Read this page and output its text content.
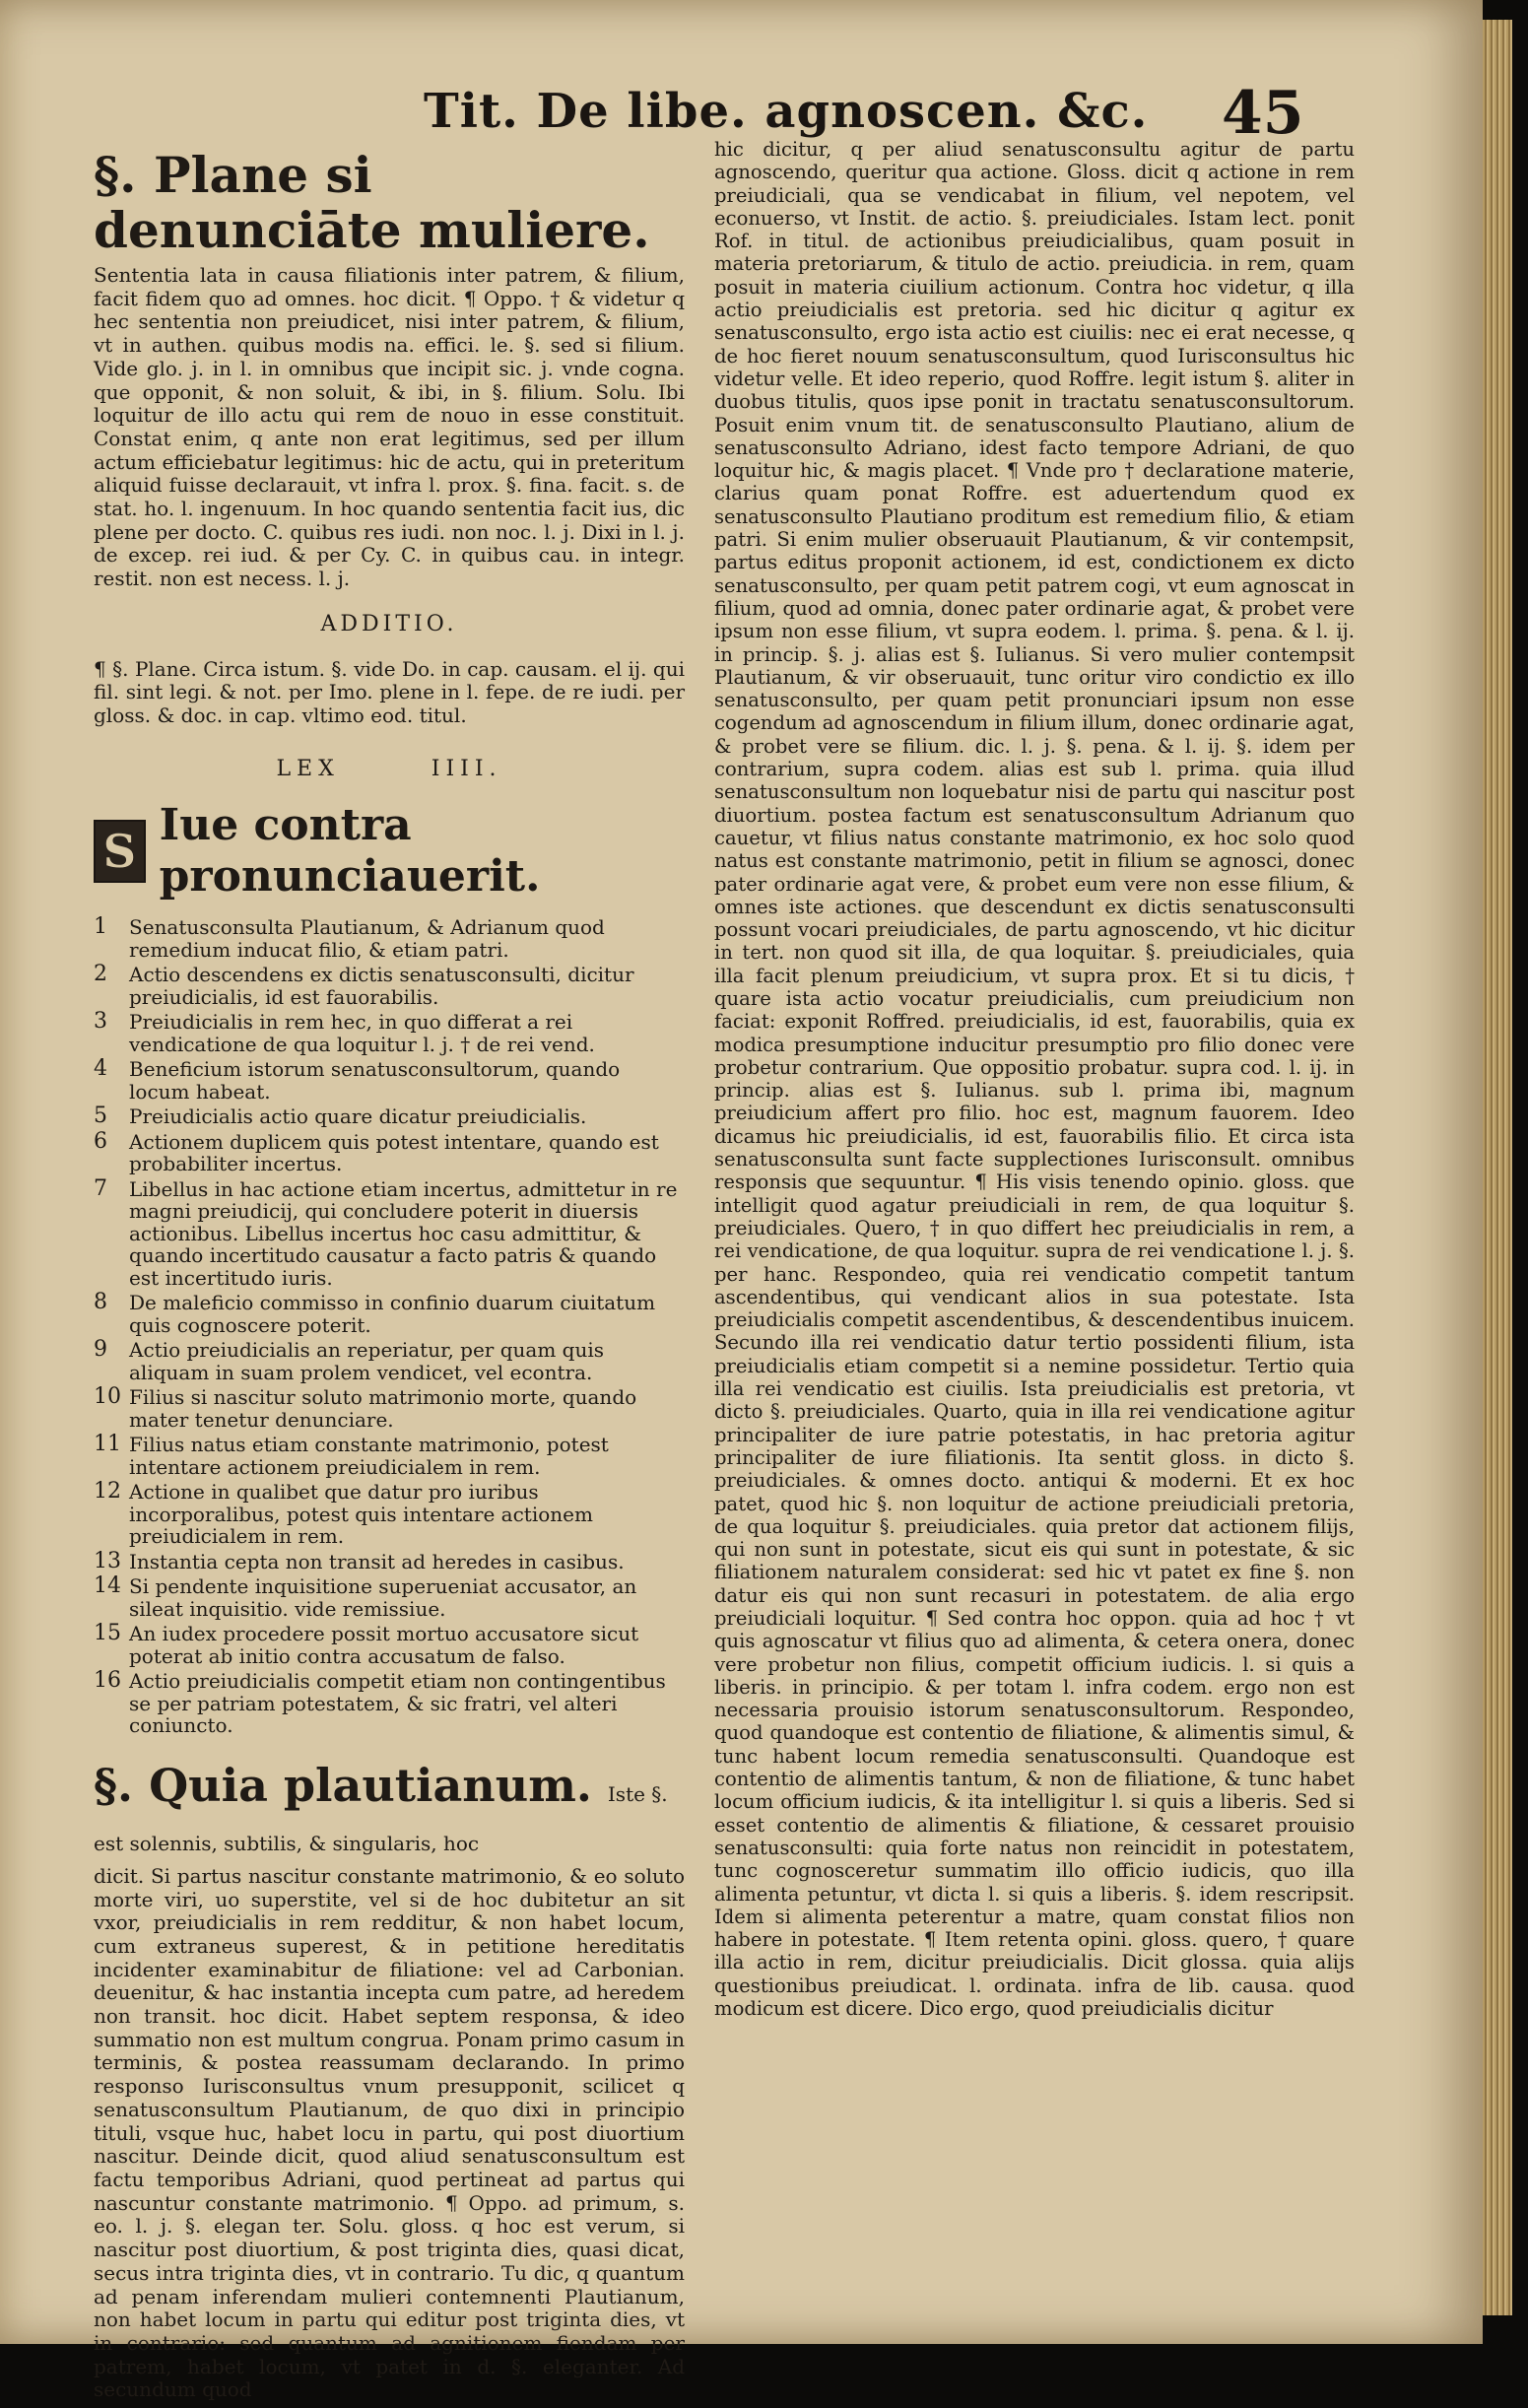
Tit. De libe. agnoscen. &c. 45
§. Plane si denunciāte muliere.

Sententia lata in causa filiationis inter patrem, & filium, facit fidem quo ad omnes. hoc dicit. ¶ Oppo. † & videtur q hec sententia non preiudicet, nisi inter patrem, & filium, vt in authen. quibus modis na. effici. le. §. sed si filium. Vide glo. j. in l. in omnibus que incipit sic. j. vnde cogna. que opponit, & non soluit, & ibi, in §. filium. Solu. Ibi loquitur de illo actu qui rem de nouo in esse constituit. Constat enim, q ante non erat legitimus, sed per illum actum efficiebatur legitimus: hic de actu, qui in preteritum aliquid fuisse declarauit, vt infra l. prox. §. fina. facit. s. de stat. ho. l. ingenuum. In hoc quando sententia facit ius, dic plene per docto. C. quibus res iudi. non noc. l. j. Dixi in l. j. de excep. rei iud. & per Cy. C. in quibus cau. in integr. restit. non est necess. l. j.

ADDITIO.

¶ §. Plane. Circa istum. §. vide Do. in cap. causam. el ij. qui fil. sint legi. & not. per Imo. plene in l. fepe. de re iudi. per gloss. & doc. in cap. vltimo eod. titul.

LEX	IIII.
S Iue contra pronunciauerit.
1 Senatusconsulta Plautianum, & Adrianum quod remedium inducat filio, & etiam patri.
2 Actio descendens ex dictis senatusconsulti, dicitur preiudicialis, id est fauorabilis.
3 Preiudicialis in rem hec, in quo differat a rei vendicatione de qua loquitur l. j. † de rei vend.
4 Beneficium istorum senatusconsultorum, quando locum habeat.
5 Preiudicialis actio quare dicatur preiudicialis.
6 Actionem duplicem quis potest intentare, quando est probabiliter incertus.
7 Libellus in hac actione etiam incertus, admittetur in re magni preiudicij, qui concludere poterit in diuersis actionibus. Libellus incertus hoc casu admittitur, & quando incertitudo causatur a facto patris & quando est incertitudo iuris.
8 De maleficio commisso in confinio duarum ciuitatum quis cognoscere poterit.
9 Actio preiudicialis an reperiatur, per quam quis aliquam in suam prolem vendicet, vel econtra.
10 Filius si nascitur soluto matrimonio morte, quando mater tenetur denunciare.
11 Filius natus etiam constante matrimonio, potest intentare actionem preiudicialem in rem.
12 Actione in qualibet que datur pro iuribus incorporalibus, potest quis intentare actionem preiudicialem in rem.
13 Instantia cepta non transit ad heredes in casibus.
14 Si pendente inquisitione superueniat accusator, an sileat inquisitio. vide remissiue.
15 An iudex procedere possit mortuo accusatore sicut poterat ab initio contra accusatum de falso.
16 Actio preiudicialis competit etiam non contingentibus se per patriam potestatem, & sic fratri, vel alteri coniuncto.
§. Quia plautianum. Iste §. est solennis, subtilis, & singularis, hoc

dicit. Si partus nascitur constante matrimonio, & eo soluto morte viri, uo superstite, vel si de hoc dubitetur an sit vxor, preiudicialis in rem redditur, & non habet locum, cum extraneus superest, & in petitione hereditatis incidenter examinabitur de filiatione: vel ad Carbonian. deuenitur, & hac instantia incepta cum patre, ad heredem non transit. hoc dicit. Habet septem responsa, & ideo summatio non est multum congrua. Ponam primo casum in terminis, & postea reassumam declarando. In primo responso Iurisconsultus vnum presupponit, scilicet q senatusconsultum Plautianum, de quo dixi in principio tituli, vsque huc, habet locu in partu, qui post diuortium nascitur. Deinde dicit, quod aliud senatusconsultum est factu temporibus Adriani, quod pertineat ad partus qui nascuntur constante matrimonio. ¶ Oppo. ad primum, s. eo. l. j. §. elegan ter. Solu. gloss. q hoc est verum, si nascitur post diuortium, & post triginta dies, quasi dicat, secus intra triginta dies, vt in contrario. Tu dic, q quantum ad penam inferendam mulieri contemnenti Plautianum, non habet locum in partu qui editur post triginta dies, vt in contrario: sed quantum ad agnitionem fiendam per patrem, habet locum, vt patet in d. §. eleganter. Ad secundum quod

hic dicitur, q per aliud senatusconsultu agitur de partu agnoscendo, queritur qua actione. Gloss. dicit q actione in rem preiudiciali, qua se vendicabat in filium, vel nepotem, vel econuerso, vt Instit. de actio. §. preiudiciales. Istam lect. ponit Rof. in titul. de actionibus preiudicialibus, quam posuit in materia pretoriarum, & titulo de actio. preiudicia. in rem, quam posuit in materia ciuilium actionum. Contra hoc videtur, q illa actio preiudicialis est pretoria. sed hic dicitur q agitur ex senatusconsulto, ergo ista actio est ciuilis: nec ei erat necesse, q de hoc fieret nouum senatusconsultum, quod Iurisconsultus hic videtur velle. Et ideo reperio, quod Roffre. legit istum §. aliter in duobus titulis, quos ipse ponit in tractatu senatusconsultorum. Posuit enim vnum tit. de senatusconsulto Plautiano, alium de senatusconsulto Adriano, idest facto tempore Adriani, de quo loquitur hic, & magis placet. ¶ Vnde pro † declaratione materie, clarius quam ponat Roffre. est aduertendum quod ex senatusconsulto Plautiano proditum est remedium filio, & etiam patri. Si enim mulier obseruauit Plautianum, & vir contempsit, partus editus proponit actionem, id est, condictionem ex dicto senatusconsulto, per quam petit patrem cogi, vt eum agnoscat in filium, quod ad omnia, donec pater ordinarie agat, & probet vere ipsum non esse filium, vt supra eodem. l. prima. §. pena. & l. ij. in princip. §. j. alias est §. Iulianus. Si vero mulier contempsit Plautianum, & vir obseruauit, tunc oritur viro condictio ex illo senatusconsulto, per quam petit pronunciari ipsum non esse cogendum ad agnoscendum in filium illum, donec ordinarie agat, & probet vere se filium. dic. l. j. §. pena. & l. ij. §. idem per contrarium, supra codem. alias est sub l. prima. quia illud senatusconsultum non loquebatur nisi de partu qui nascitur post diuortium. postea factum est senatusconsultum Adrianum quo cauetur, vt filius natus constante matrimonio, ex hoc solo quod natus est constante matrimonio, petit in filium se agnosci, donec pater ordinarie agat vere, & probet eum vere non esse filium, & omnes iste actiones. que descendunt ex dictis senatusconsulti possunt vocari preiudiciales, de partu agnoscendo, vt hic dicitur in tert. non quod sit illa, de qua loquitar. §. preiudiciales, quia illa facit plenum preiudicium, vt supra prox. Et si tu dicis, † quare ista actio vocatur preiudicialis, cum preiudicium non faciat: exponit Roffred. preiudicialis, id est, fauorabilis, quia ex modica presumptione inducitur presumptio pro filio donec vere probetur contrarium. Que oppositio probatur. supra cod. l. ij. in princip. alias est §. Iulianus. sub l. prima ibi, magnum preiudicium affert pro filio. hoc est, magnum fauorem. Ideo dicamus hic preiudicialis, id est, fauorabilis filio. Et circa ista senatusconsulta sunt facte supplectiones Iurisconsult. omnibus responsis que sequuntur. ¶ His visis tenendo opinio. gloss. que intelligit quod agatur preiudiciali in rem, de qua loquitur §. preiudiciales. Quero, † in quo differt hec preiudicialis in rem, a rei vendicatione, de qua loquitur. supra de rei vendicatione l. j. §. per hanc. Respondeo, quia rei vendicatio competit tantum ascendentibus, qui vendicant alios in sua potestate. Ista preiudicialis competit ascendentibus, & descendentibus inuicem. Secundo illa rei vendicatio datur tertio possidenti filium, ista preiudicialis etiam competit si a nemine possidetur. Tertio quia illa rei vendicatio est ciuilis. Ista preiudicialis est pretoria, vt dicto §. preiudiciales. Quarto, quia in illa rei vendicatione agitur principaliter de iure patrie potestatis, in hac pretoria agitur principaliter de iure filiationis. Ita sentit gloss. in dicto §. preiudiciales. & omnes docto. antiqui & moderni. Et ex hoc patet, quod hic §. non loquitur de actione preiudiciali pretoria, de qua loquitur §. preiudiciales. quia pretor dat actionem filijs, qui non sunt in potestate, sicut eis qui sunt in potestate, & sic filiationem naturalem considerat: sed hic vt patet ex fine §. non datur eis qui non sunt recasuri in potestatem. de alia ergo preiudiciali loquitur. ¶ Sed contra hoc oppon. quia ad hoc † vt quis agnoscatur vt filius quo ad alimenta, & cetera onera, donec vere probetur non filius, competit officium iudicis. l. si quis a liberis. in principio. & per totam l. infra codem. ergo non est necessaria prouisio istorum senatusconsultorum. Respondeo, quod quandoque est contentio de filiatione, & alimentis simul, & tunc habent locum remedia senatusconsulti. Quandoque est contentio de alimentis tantum, & non de filiatione, & tunc habet locum officium iudicis, & ita intelligitur l. si quis a liberis. Sed si esset contentio de alimentis & filiatione, & cessaret prouisio senatusconsulti: quia forte natus non reincidit in potestatem, tunc cognosceretur summatim illo officio iudicis, quo illa alimenta petuntur, vt dicta l. si quis a liberis. §. idem rescripsit. Idem si alimenta peterentur a matre, quam constat filios non habere in potestate. ¶ Item retenta opini. gloss. quero, † quare illa actio in rem, dicitur preiudicialis. Dicit glossa. quia alijs questionibus preiudicat. l. ordinata. infra de lib. causa. quod modicum est dicere. Dico ergo, quod preiudicialis dicitur
